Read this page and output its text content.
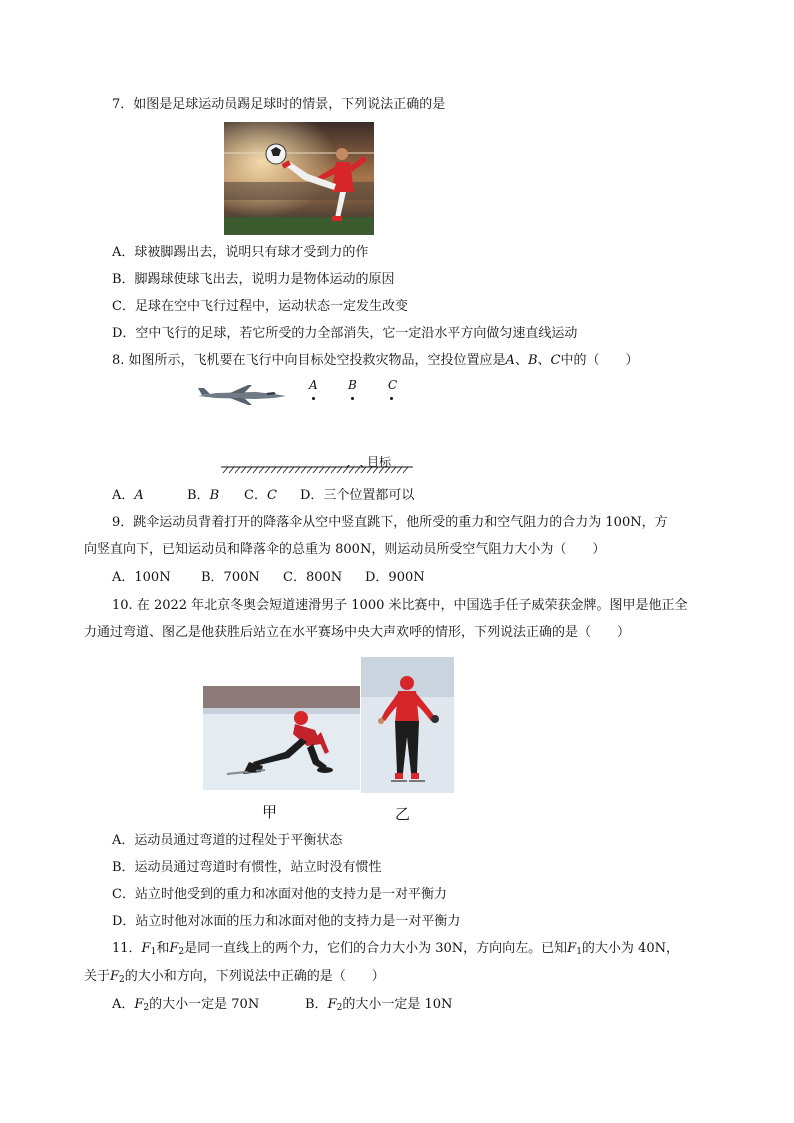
7．如图是足球运动员踢足球时的情景，下列说法正确的是
A．球被脚踢出去，说明只有球才受到力的作
B．脚踢球使球飞出去，说明力是物体运动的原因
C．足球在空中飞行过程中，运动状态一定发生改变
D．空中飞行的足球，若它所受的力全部消失，它一定沿水平方向做匀速直线运动
8. 如图所示，飞机要在飞行中向目标处空投救灾物品，空投位置应是A、B、C中的（　　）
A	B	C
目标
A．A	B．B C．C D．三个位置都可以
9．跳伞运动员背着打开的降落伞从空中竖直跳下，他所受的重力和空气阻力的合力为 100N，方
向竖直向下，已知运动员和降落伞的总重为 800N，则运动员所受空气阻力大小为（　　）
A．100N B．700N C．800N D．900N
10. 在 2022 年北京冬奥会短道速滑男子 1000 米比赛中，中国选手任子威荣获金牌。图甲是他正全
力通过弯道、图乙是他获胜后站立在水平赛场中央大声欢呼的情形，下列说法正确的是（　　）
甲	乙
A．运动员通过弯道的过程处于平衡状态
B．运动员通过弯道时有惯性，站立时没有惯性
C．站立时他受到的重力和冰面对他的支持力是一对平衡力
D．站立时他对冰面的压力和冰面对他的支持力是一对平衡力
11．$F_1$和$F_2$是同一直线上的两个力，它们的合力大小为 30N，方向向左。已知$F_1$的大小为 40N，
关于$F_2$的大小和方向，下列说法中正确的是（　　）
A．$F_2$的大小一定是 70N	B．$F_2$的大小一定是 10N
